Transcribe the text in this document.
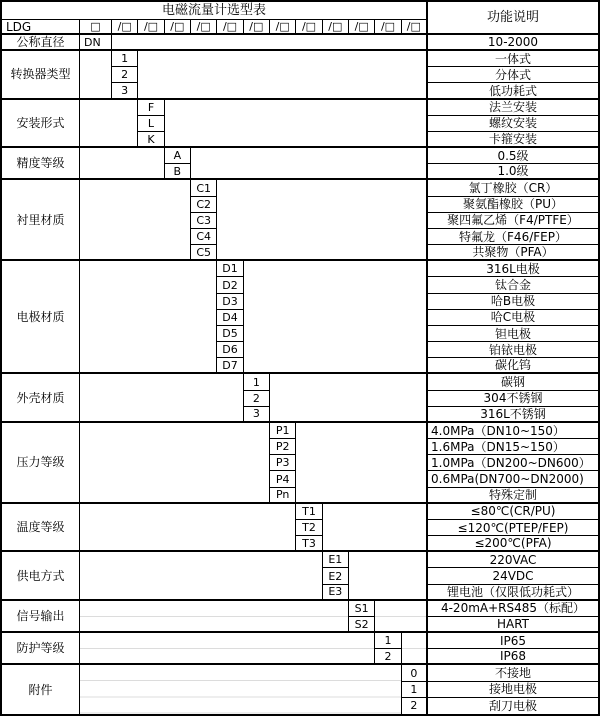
电磁流量计选型表	功能说明
LDG	□	/□	/□	/□	/□	/□	/□	/□	/□	/□	/□	/□	/□
公称直径	DN	10-2000
转换器类型
1	一体式
2	分体式
3	低功耗式
安装形式
F	法兰安装
L	螺纹安装
K	卡箍安装
精度等级
A	0.5级
B	1.0级
衬里材质
C1	氯丁橡胶（CR）
C2	聚氨酯橡胶（PU）
C3	聚四氟乙烯（F4/PTFE）
C4	特氟龙（F46/FEP）
C5	共聚物（PFA）
电极材质
D1	316L电极
D2	钛合金
D3	哈B电极
D4	哈C电极
D5	钽电极
D6	铂铱电极
D7	碳化钨
外壳材质
1	碳钢
2	304不锈钢
3	316L不锈钢
压力等级
P1	4.0MPa（DN10~150）
P2	1.6MPa（DN15~150）
P3	1.0MPa（DN200~DN600）
P4	0.6MPa(DN700~DN2000)
Pn	特殊定制
温度等级
T1	≤80℃(CR/PU)
T2	≤120℃(PTEP/FEP)
T3	≤200℃(PFA)
供电方式
E1	220VAC
E2	24VDC
E3	锂电池（仅限低功耗式）
信号输出
S1	4-20mA+RS485（标配）
S2	HART
防护等级
1	IP65
2	IP68
附件
0	不接地
1	接地电极
2	刮刀电极
